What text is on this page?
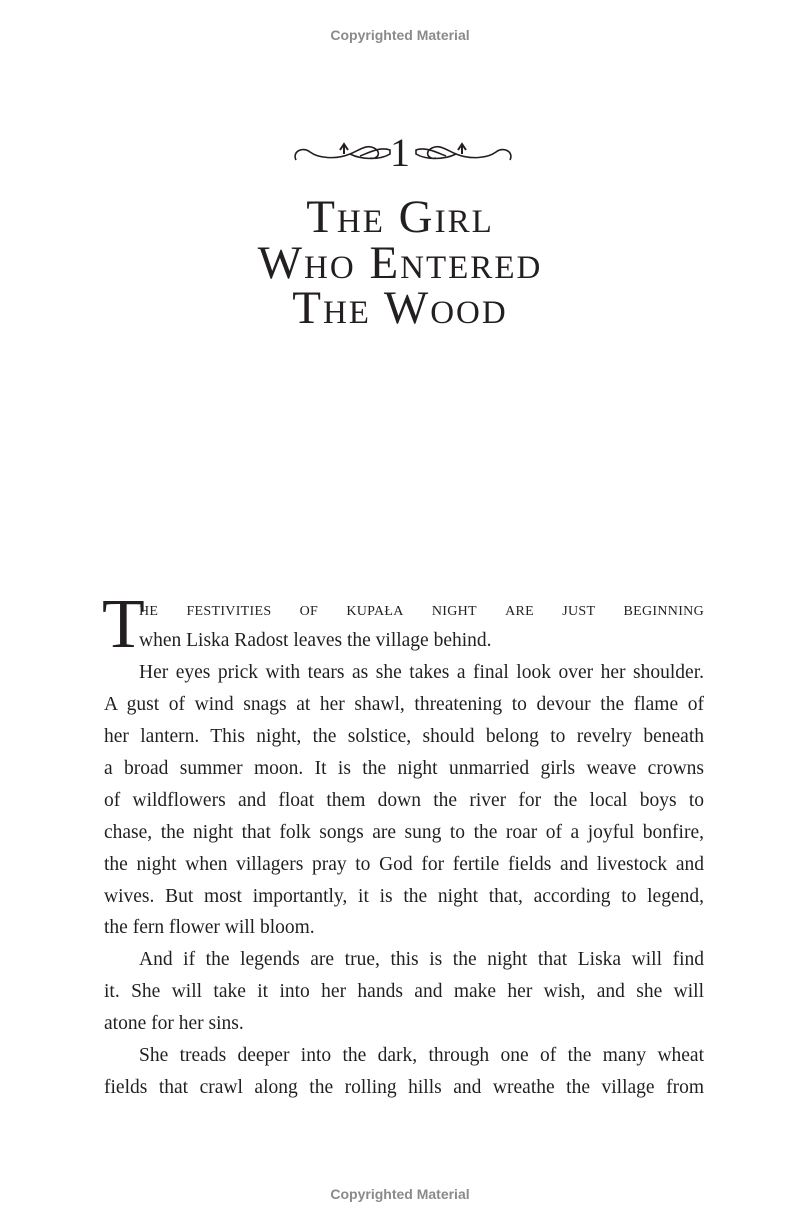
Copyrighted Material
1
The Girl
Who Entered
The Wood
T
he festivities of kupała night are just beginning
when Liska Radost leaves the village behind.
Her eyes prick with tears as she takes a final look over her shoulder.
A gust of wind snags at her shawl, threatening to devour the flame of
her lantern. This night, the solstice, should belong to revelry beneath
a broad summer moon. It is the night unmarried girls weave crowns
of wildflowers and float them down the river for the local boys to
chase, the night that folk songs are sung to the roar of a joyful bonfire,
the night when villagers pray to God for fertile fields and livestock and
wives. But most importantly, it is the night that, according to legend,
the fern flower will bloom.
And if the legends are true, this is the night that Liska will find
it. She will take it into her hands and make her wish, and she will
atone for her sins.
She treads deeper into the dark, through one of the many wheat
fields that crawl along the rolling hills and wreathe the village from
Copyrighted Material
